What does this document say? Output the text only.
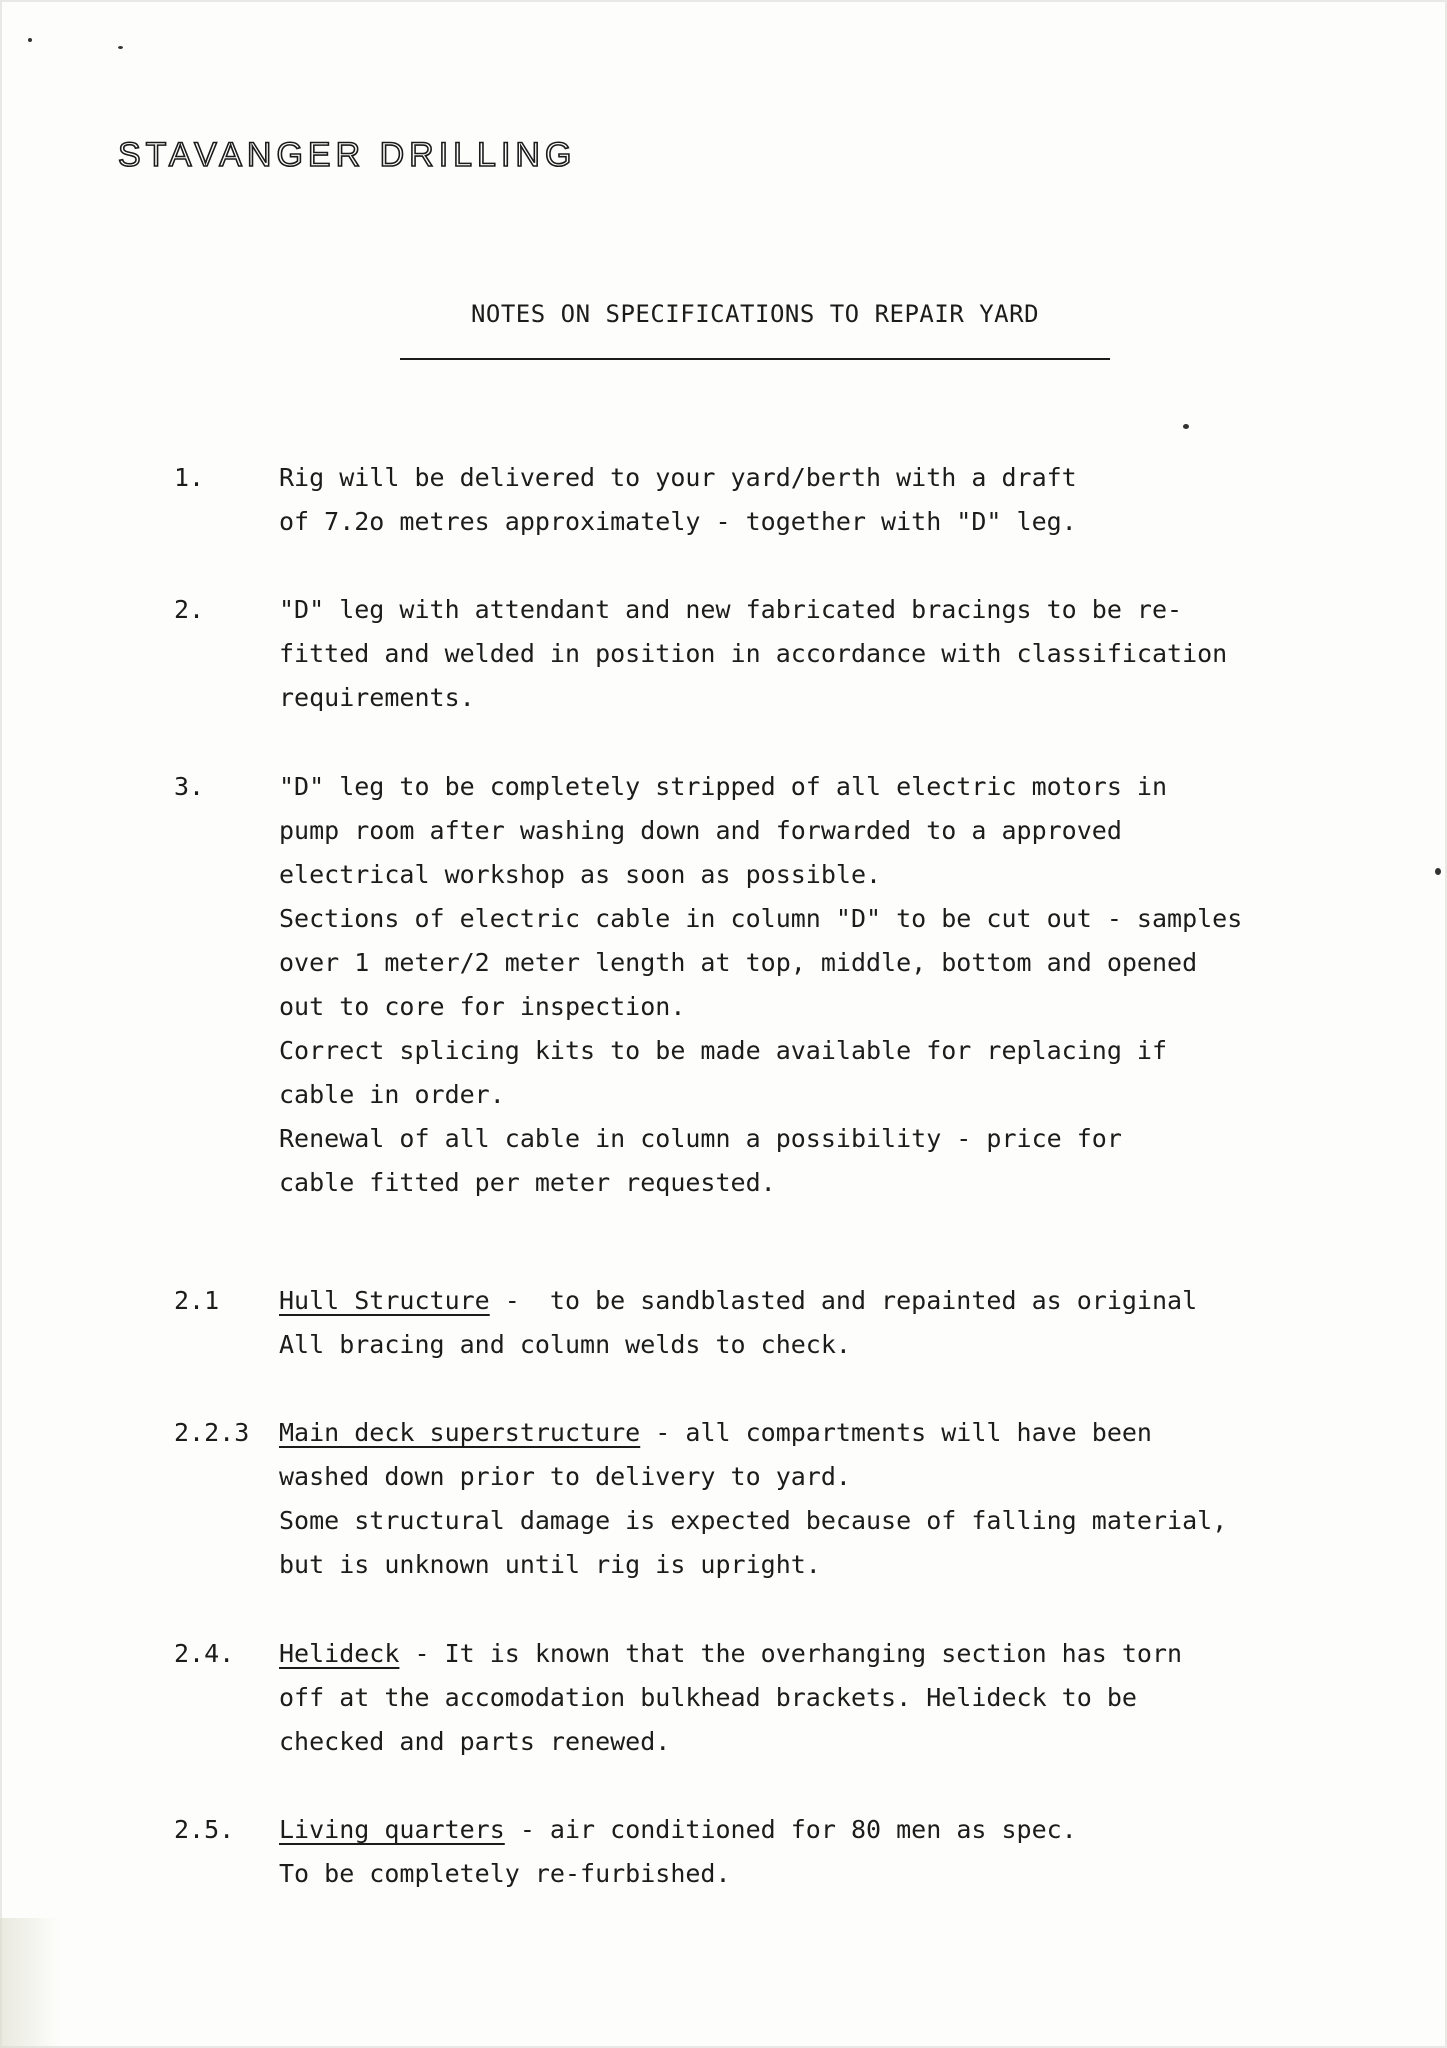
STAVANGER DRILLING
NOTES ON SPECIFICATIONS TO REPAIR YARD
1.	Rig will be delivered to your yard/berth with a draft
of 7.2o metres approximately - together with "D" leg.
2.	"D" leg with attendant and new fabricated bracings to be re-
fitted and welded in position in accordance with classification
requirements.
3.	"D" leg to be completely stripped of all electric motors in
pump room after washing down and forwarded to a approved
electrical workshop as soon as possible.
Sections of electric cable in column "D" to be cut out - samples
over 1 meter/2 meter length at top, middle, bottom and opened
out to core for inspection.
Correct splicing kits to be made available for replacing if
cable in order.
Renewal of all cable in column a possibility - price for
cable fitted per meter requested.
2.1 Hull Structure -  to be sandblasted and repainted as original
All bracing and column welds to check.
2.2.3 Main deck superstructure - all compartments will have been
washed down prior to delivery to yard.
Some structural damage is expected because of falling material,
but is unknown until rig is upright.
2.4. Helideck - It is known that the overhanging section has torn
off at the accomodation bulkhead brackets. Helideck to be
checked and parts renewed.
2.5. Living quarters - air conditioned for 80 men as spec.
To be completely re-furbished.
